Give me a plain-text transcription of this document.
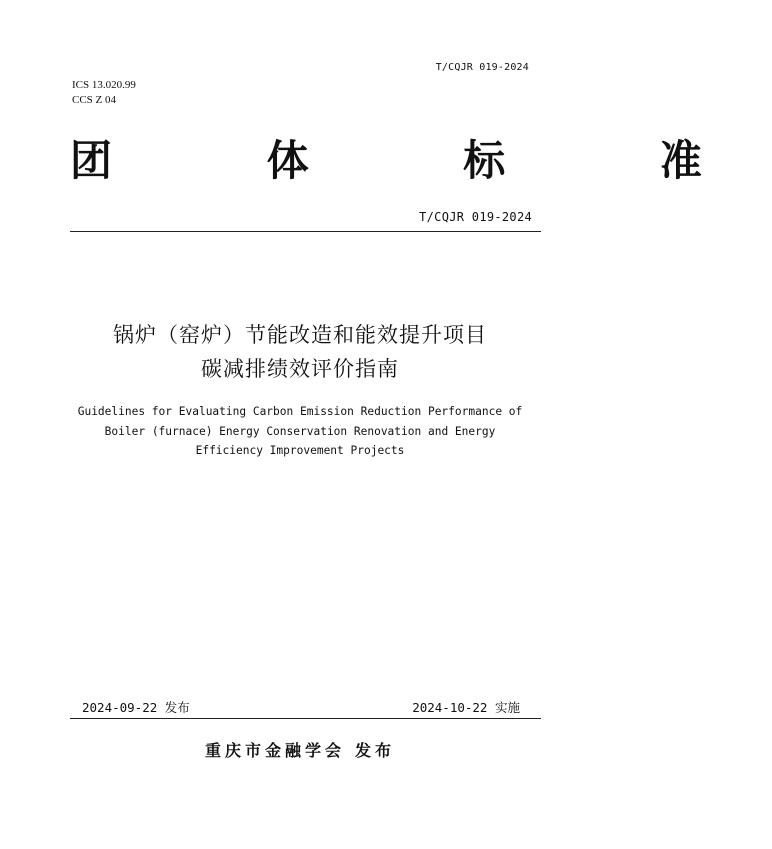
T/CQJR 019-2024
ICS 13.020.99
CCS Z 04
团 体 标 准
T/CQJR 019-2024
锅炉（窑炉）节能改造和能效提升项目
碳减排绩效评价指南
Guidelines for Evaluating Carbon Emission Reduction Performance of
Boiler (furnace) Energy Conservation Renovation and Energy
Efficiency Improvement Projects
2024-09-22 发布	2024-10-22 实施
重庆市金融学会 发布
